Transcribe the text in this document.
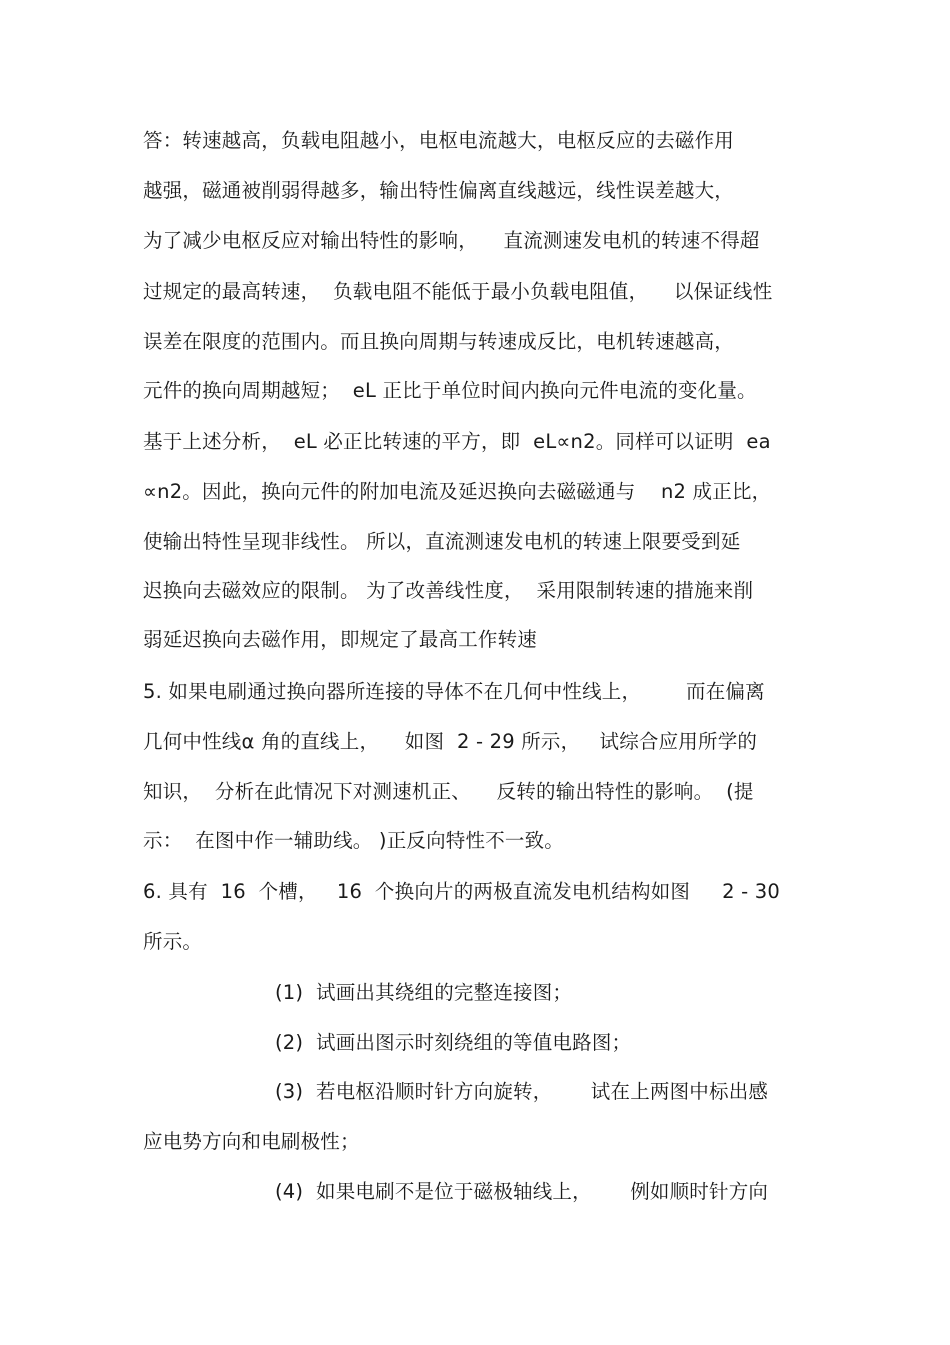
答：转速越高，负载电阻越小，电枢电流越大，电枢反应的去磁作用
越强，磁通被削弱得越多，输出特性偏离直线越远，线性误差越大，
为了减少电枢反应对输出特性的影响，    直流测速发电机的转速不得超
过规定的最高转速，  负载电阻不能低于最小负载电阻值，    以保证线性
误差在限度的范围内。而且换向周期与转速成反比，电机转速越高，
元件的换向周期越短；  eL 正比于单位时间内换向元件电流的变化量。
基于上述分析，  eL 必正比转速的平方，即  eL∝n2。同样可以证明  ea
∝n2。因此，换向元件的附加电流及延迟换向去磁磁通与    n2 成正比，
使输出特性呈现非线性。 所以，直流测速发电机的转速上限要受到延
迟换向去磁效应的限制。 为了改善线性度，  采用限制转速的措施来削
弱延迟换向去磁作用，即规定了最高工作转速
5. 如果电刷通过换向器所连接的导体不在几何中性线上，       而在偏离
几何中性线α 角的直线上，    如图  2 - 29 所示，   试综合应用所学的
知识，  分析在此情况下对测速机正、    反转的输出特性的影响。  (提
示：  在图中作一辅助线。 )正反向特性不一致。
6. 具有  16  个槽，   16  个换向片的两极直流发电机结构如图     2 - 30
所示。
(1)  试画出其绕组的完整连接图；
(2)  试画出图示时刻绕组的等值电路图；
(3)  若电枢沿顺时针方向旋转，      试在上两图中标出感
应电势方向和电刷极性；
(4)  如果电刷不是位于磁极轴线上，      例如顺时针方向
